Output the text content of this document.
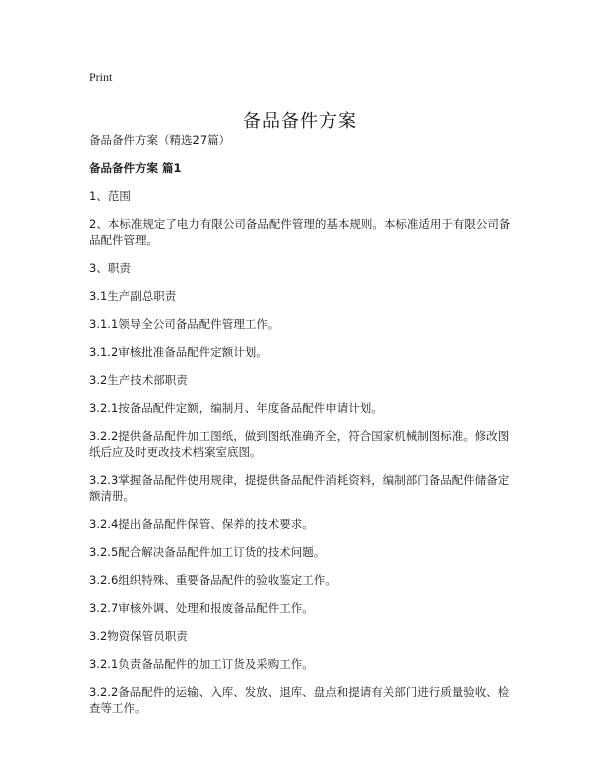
Print
备品备件方案

备品备件方案（精选27篇）

备品备件方案 篇1

1、范围

2、本标准规定了电力有限公司备品配件管理的基本规则。本标准适用于有限公司备品配件管理。

3、职责

3.1生产副总职责

3.1.1领导全公司备品配件管理工作。

3.1.2审核批准备品配件定额计划。

3.2生产技术部职责

3.2.1按备品配件定额，编制月、年度备品配件申请计划。

3.2.2提供备品配件加工图纸，做到图纸准确齐全，符合国家机械制图标准。修改图纸后应及时更改技术档案室底图。

3.2.3掌握备品配件使用规律，提提供备品配件消耗资料，编制部门备品配件储备定额清册。

3.2.4提出备品配件保管、保养的技术要求。

3.2.5配合解决备品配件加工订货的技术问题。

3.2.6组织特殊、重要备品配件的验收鉴定工作。

3.2.7审核外调、处理和报废备品配件工作。

3.2物资保管员职责

3.2.1负责备品配件的加工订货及采购工作。

3.2.2备品配件的运输、入库、发放、退库、盘点和提请有关部门进行质量验收、检查等工作。
